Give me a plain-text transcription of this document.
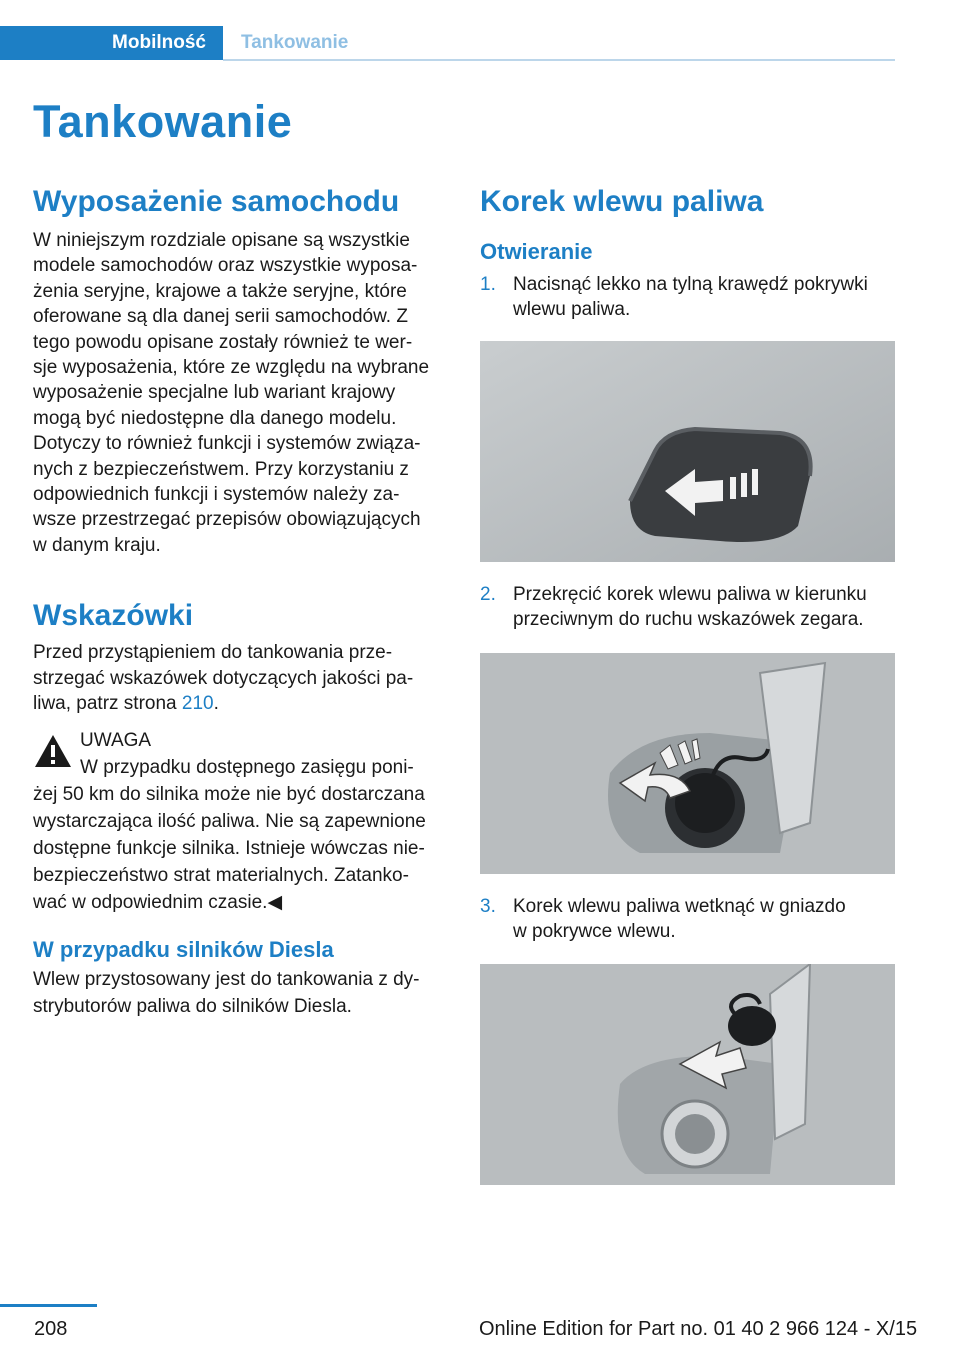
Mobilność	Tankowanie
Tankowanie
Wyposażenie samochodu

W niniejszym rozdziale opisane są wszystkie
modele samochodów oraz wszystkie wyposa‐
żenia seryjne, krajowe a także seryjne, które
oferowane są dla danej serii samochodów. Z
tego powodu opisane zostały również te wer‐
sje wyposażenia, które ze względu na wybrane
wyposażenie specjalne lub wariant krajowy
mogą być niedostępne dla danego modelu.
Dotyczy to również funkcji i systemów związa‐
nych z bezpieczeństwem. Przy korzystaniu z
odpowiednich funkcji i systemów należy za‐
wsze przestrzegać przepisów obowiązujących
w danym kraju.

Wskazówki

Przed przystąpieniem do tankowania prze‐
strzegać wskazówek dotyczących jakości pa‐
liwa, patrz strona 210.

UWAGA

W przypadku dostępnego zasięgu poni‐

żej 50 km do silnika może nie być dostarczana
wystarczająca ilość paliwa. Nie są zapewnione
dostępne funkcje silnika. Istnieje wówczas nie‐
bezpieczeństwo strat materialnych. Zatanko‐
wać w odpowiednim czasie.◀

W przypadku silników Diesla

Wlew przystosowany jest do tankowania z dy‐
strybutorów paliwa do silników Diesla.

Korek wlewu paliwa
Otwieranie
1. Nacisnąć lekko na tylną krawędź pokrywki
wlewu paliwa.
2. Przekręcić korek wlewu paliwa w kierunku
przeciwnym do ruchu wskazówek zegara.
3. Korek wlewu paliwa wetknąć w gniazdo
w pokrywce wlewu.
208	Online Edition for Part no. 01 40 2 966 124 - X/15
